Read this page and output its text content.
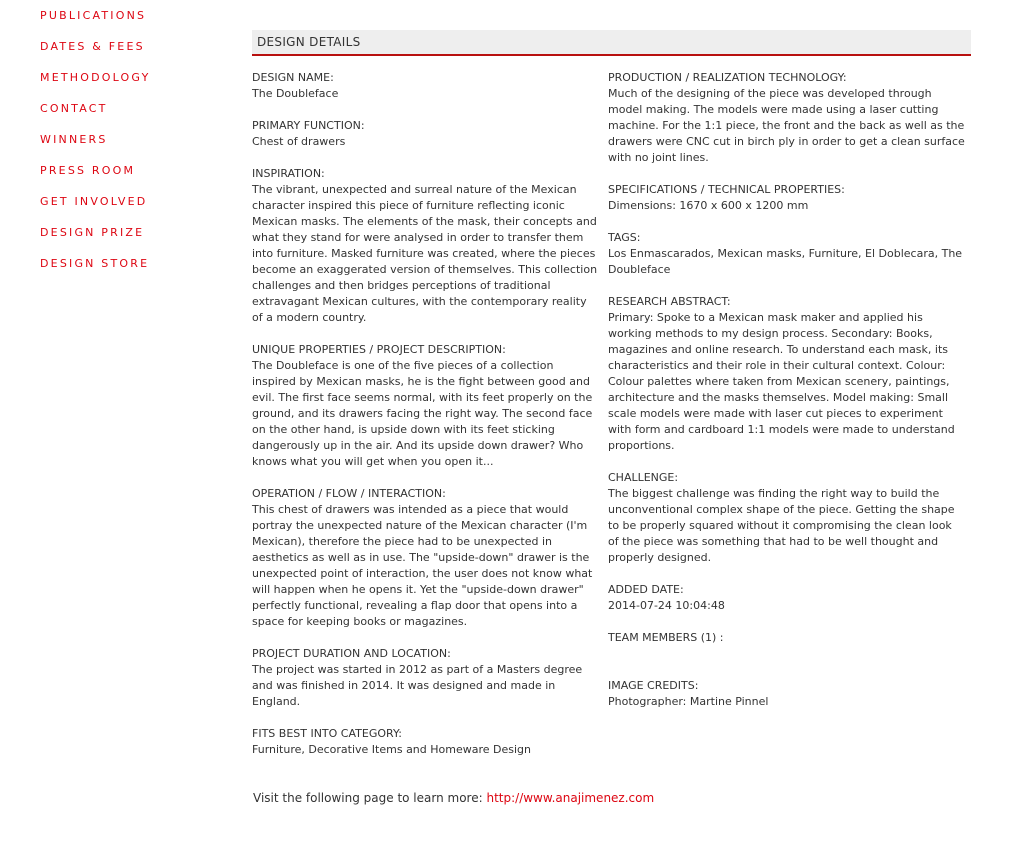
PUBLICATIONS
DATES & FEES
METHODOLOGY
CONTACT
WINNERS
PRESS ROOM
GET INVOLVED
DESIGN PRIZE
DESIGN STORE
DESIGN DETAILS
DESIGN NAME:
The Doubleface
PRIMARY FUNCTION:
Chest of drawers
INSPIRATION:
The vibrant, unexpected and surreal nature of the Mexican character inspired this piece of furniture reflecting iconic Mexican masks. The elements of the mask, their concepts and what they stand for were analysed in order to transfer them into furniture. Masked furniture was created, where the pieces become an exaggerated version of themselves. This collection challenges and then bridges perceptions of traditional extravagant Mexican cultures, with the contemporary reality of a modern country.
UNIQUE PROPERTIES / PROJECT DESCRIPTION:
The Doubleface is one of the five pieces of a collection inspired by Mexican masks, he is the fight between good and evil. The first face seems normal, with its feet properly on the ground, and its drawers facing the right way. The second face on the other hand, is upside down with its feet sticking dangerously up in the air. And its upside down drawer? Who knows what you will get when you open it...
OPERATION / FLOW / INTERACTION:
This chest of drawers was intended as a piece that would portray the unexpected nature of the Mexican character (I'm Mexican), therefore the piece had to be unexpected in aesthetics as well as in use. The "upside-down" drawer is the unexpected point of interaction, the user does not know what will happen when he opens it. Yet the "upside-down drawer" perfectly functional, revealing a flap door that opens into a space for keeping books or magazines.
PROJECT DURATION AND LOCATION:
The project was started in 2012 as part of a Masters degree and was finished in 2014. It was designed and made in England.
FITS BEST INTO CATEGORY:
Furniture, Decorative Items and Homeware Design
PRODUCTION / REALIZATION TECHNOLOGY:
Much of the designing of the piece was developed through model making. The models were made using a laser cutting machine. For the 1:1 piece, the front and the back as well as the drawers were CNC cut in birch ply in order to get a clean surface with no joint lines.
SPECIFICATIONS / TECHNICAL PROPERTIES:
Dimensions: 1670 x 600 x 1200 mm
TAGS:
Los Enmascarados, Mexican masks, Furniture, El Doblecara, The Doubleface
RESEARCH ABSTRACT:
Primary: Spoke to a Mexican mask maker and applied his working methods to my design process. Secondary: Books, magazines and online research. To understand each mask, its characteristics and their role in their cultural context. Colour: Colour palettes where taken from Mexican scenery, paintings, architecture and the masks themselves. Model making: Small scale models were made with laser cut pieces to experiment with form and cardboard 1:1 models were made to understand proportions.
CHALLENGE:
The biggest challenge was finding the right way to build the unconventional complex shape of the piece. Getting the shape to be properly squared without it compromising the clean look of the piece was something that had to be well thought and properly designed.
ADDED DATE:
2014-07-24 10:04:48
TEAM MEMBERS (1) :
IMAGE CREDITS:
Photographer: Martine Pinnel
Visit the following page to learn more: http://www.anajimenez.com
